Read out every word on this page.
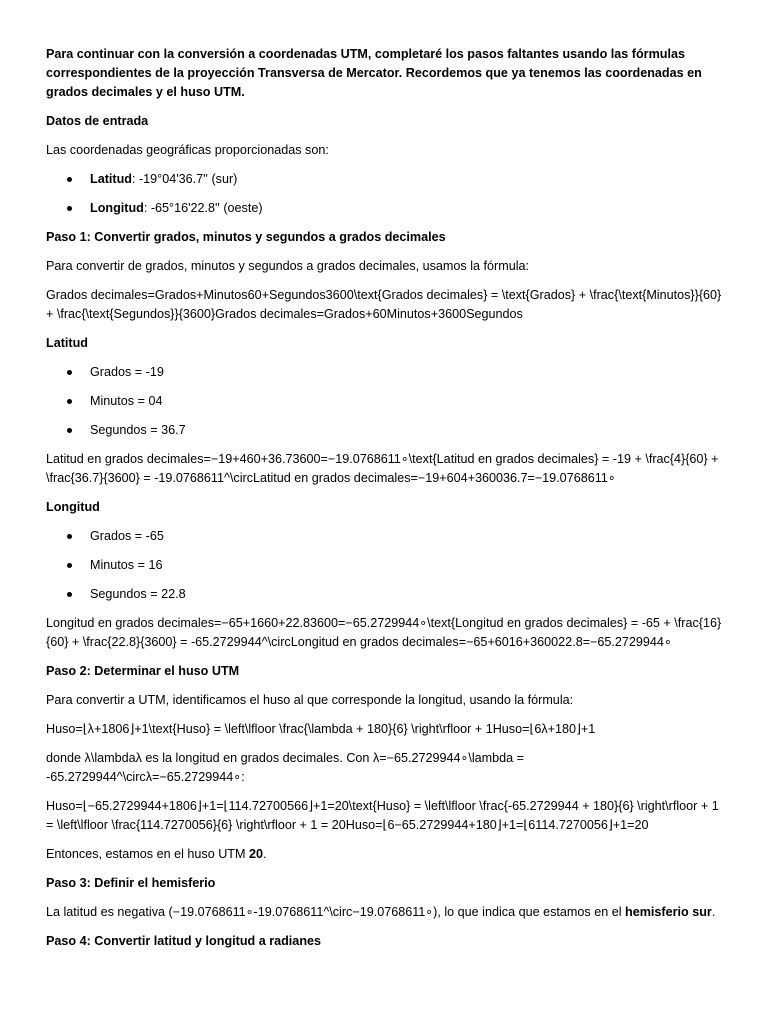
Para continuar con la conversión a coordenadas UTM, completaré los pasos faltantes usando las fórmulas correspondientes de la proyección Transversa de Mercator. Recordemos que ya tenemos las coordenadas en grados decimales y el huso UTM.

Datos de entrada

Las coordenadas geográficas proporcionadas son:

Latitud: -19°04'36.7'' (sur)
Longitud: -65°16'22.8'' (oeste)

Paso 1: Convertir grados, minutos y segundos a grados decimales

Para convertir de grados, minutos y segundos a grados decimales, usamos la fórmula:

Grados decimales=Grados+Minutos60+Segundos3600\text{Grados decimales} = \text{Grados} + \frac{\text{Minutos}}{60} + \frac{\text{Segundos}}{3600}Grados decimales=Grados+60Minutos+3600Segundos

Latitud

Grados = -19
Minutos = 04
Segundos = 36.7

Latitud en grados decimales=−19+460+36.73600=−19.0768611∘\text{Latitud en grados decimales} = -19 + \frac{4}{60} + \frac{36.7}{3600} = -19.0768611^\circLatitud en grados decimales=−19+604+360036.7=−19.0768611∘

Longitud

Grados = -65
Minutos = 16
Segundos = 22.8

Longitud en grados decimales=−65+1660+22.83600=−65.2729944∘\text{Longitud en grados decimales} = -65 + \frac{16}{60} + \frac{22.8}{3600} = -65.2729944^\circLongitud en grados decimales=−65+6016+360022.8=−65.2729944∘

Paso 2: Determinar el huso UTM

Para convertir a UTM, identificamos el huso al que corresponde la longitud, usando la fórmula:

Huso=⌊λ+1806⌋+1\text{Huso} = \left\lfloor \frac{\lambda + 180}{6} \right\rfloor + 1Huso=⌊6λ+180⌋+1

donde λ\lambdaλ es la longitud en grados decimales. Con λ=−65.2729944∘\lambda = -65.2729944^\circλ=−65.2729944∘:

Huso=⌊−65.2729944+1806⌋+1=⌊114.72700566⌋+1=20\text{Huso} = \left\lfloor \frac{-65.2729944 + 180}{6} \right\rfloor + 1 = \left\lfloor \frac{114.7270056}{6} \right\rfloor + 1 = 20Huso=⌊6−65.2729944+180⌋+1=⌊6114.7270056⌋+1=20

Entonces, estamos en el huso UTM 20.

Paso 3: Definir el hemisferio

La latitud es negativa (−19.0768611∘-19.0768611^\circ−19.0768611∘), lo que indica que estamos en el hemisferio sur.

Paso 4: Convertir latitud y longitud a radianes
